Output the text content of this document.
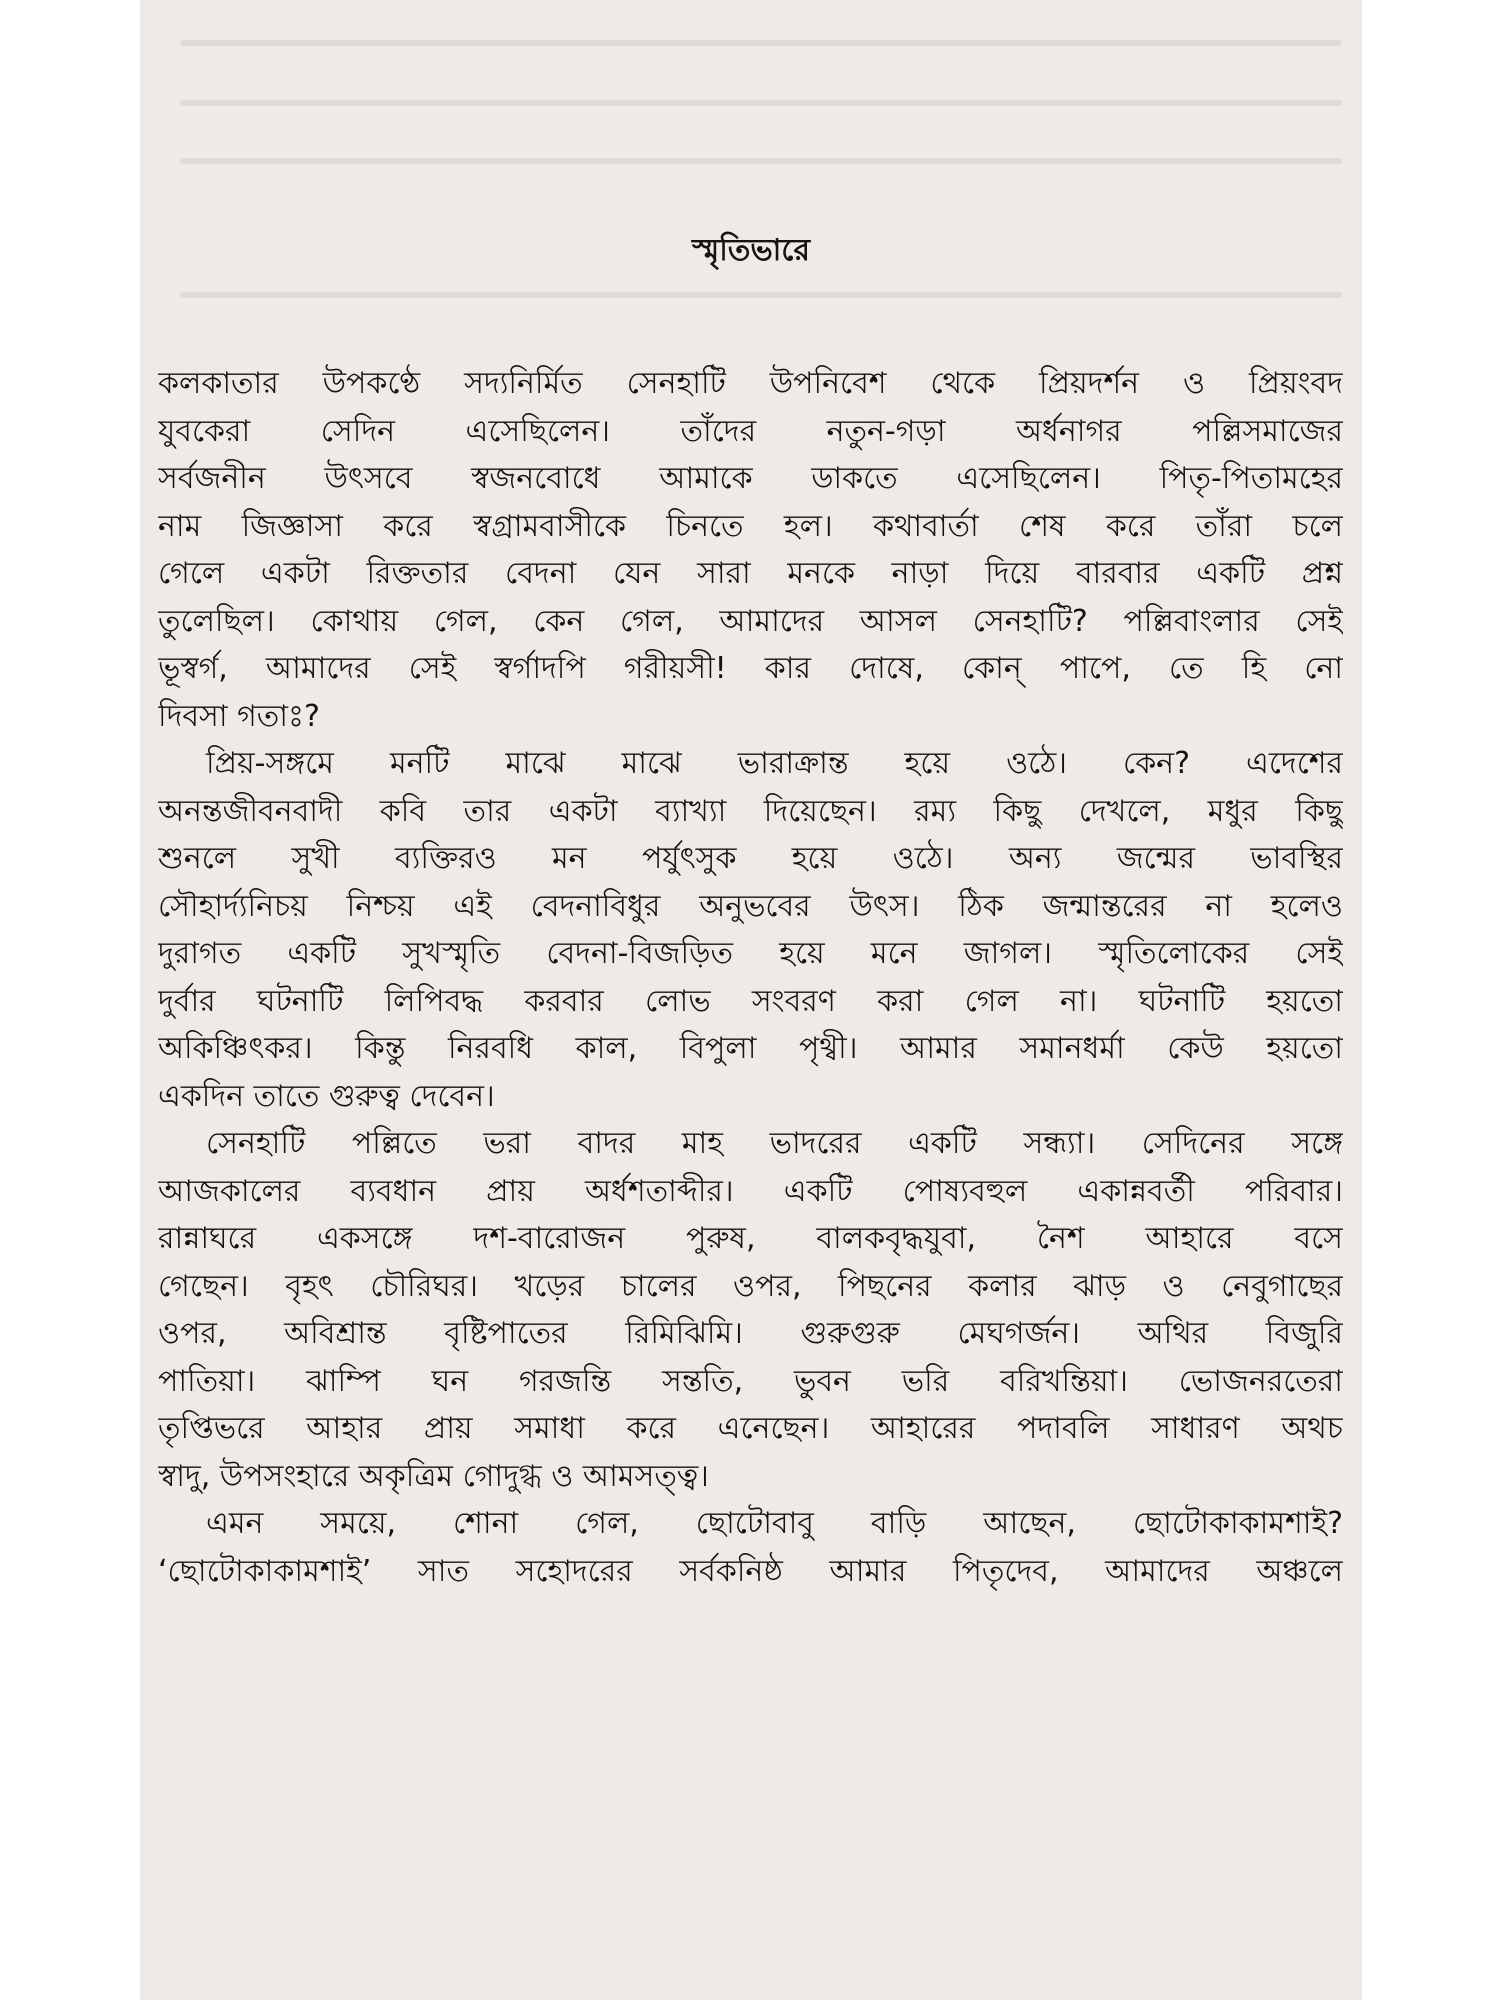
স্মৃতিভারে
কলকাতার উপকণ্ঠে সদ্যনির্মিত সেনহাটি উপনিবেশ থেকে প্রিয়দর্শন ও প্রিয়ংবদ
যুবকেরা সেদিন এসেছিলেন। তাঁদের নতুন-গড়া অর্ধনাগর পল্লিসমাজের
সর্বজনীন উৎসবে স্বজনবোধে আমাকে ডাকতে এসেছিলেন। পিতৃ-পিতামহের
নাম জিজ্ঞাসা করে স্বগ্রামবাসীকে চিনতে হল। কথাবার্তা শেষ করে তাঁরা চলে
গেলে একটা রিক্ততার বেদনা যেন সারা মনকে নাড়া দিয়ে বারবার একটি প্রশ্ন
তুলেছিল। কোথায় গেল, কেন গেল, আমাদের আসল সেনহাটি? পল্লিবাংলার সেই
ভূস্বর্গ, আমাদের সেই স্বর্গাদপি গরীয়সী! কার দোষে, কোন্ পাপে, তে হি নো
দিবসা গতাঃ?
প্রিয়-সঙ্গমে মনটি মাঝে মাঝে ভারাক্রান্ত হয়ে ওঠে। কেন? এদেশের
অনন্তজীবনবাদী কবি তার একটা ব্যাখ্যা দিয়েছেন। রম্য কিছু দেখলে, মধুর কিছু
শুনলে সুখী ব্যক্তিরও মন পর্যুৎসুক হয়ে ওঠে। অন্য জন্মের ভাবস্থির
সৌহার্দ্যনিচয় নিশ্চয় এই বেদনাবিধুর অনুভবের উৎস। ঠিক জন্মান্তরের না হলেও
দুরাগত একটি সুখস্মৃতি বেদনা-বিজড়িত হয়ে মনে জাগল। স্মৃতিলোকের সেই
দুর্বার ঘটনাটি লিপিবদ্ধ করবার লোভ সংবরণ করা গেল না। ঘটনাটি হয়তো
অকিঞ্চিৎকর। কিন্তু নিরবধি কাল, বিপুলা পৃথ্বী। আমার সমানধর্মা কেউ হয়তো
একদিন তাতে গুরুত্ব দেবেন।
সেনহাটি পল্লিতে ভরা বাদর মাহ ভাদরের একটি সন্ধ্যা। সেদিনের সঙ্গে
আজকালের ব্যবধান প্রায় অর্ধশতাব্দীর। একটি পোষ্যবহুল একান্নবর্তী পরিবার।
রান্নাঘরে একসঙ্গে দশ-বারোজন পুরুষ, বালকবৃদ্ধযুবা, নৈশ আহারে বসে
গেছেন। বৃহৎ চৌরিঘর। খড়ের চালের ওপর, পিছনের কলার ঝাড় ও নেবুগাছের
ওপর, অবিশ্রান্ত বৃষ্টিপাতের রিমিঝিমি। গুরুগুরু মেঘগর্জন। অথির বিজুরি
পাতিয়া। ঝাম্পি ঘন গরজন্তি সন্ততি, ভুবন ভরি বরিখন্তিয়া। ভোজনরতেরা
তৃপ্তিভরে আহার প্রায় সমাধা করে এনেছেন। আহারের পদাবলি সাধারণ অথচ
স্বাদু, উপসংহারে অকৃত্রিম গোদুগ্ধ ও আমসত্ত্ব।
এমন সময়ে, শোনা গেল, ছোটোবাবু বাড়ি আছেন, ছোটোকাকামশাই?
‘ছোটোকাকামশাই’ সাত সহোদরের সর্বকনিষ্ঠ আমার পিতৃদেব, আমাদের অঞ্চলে
